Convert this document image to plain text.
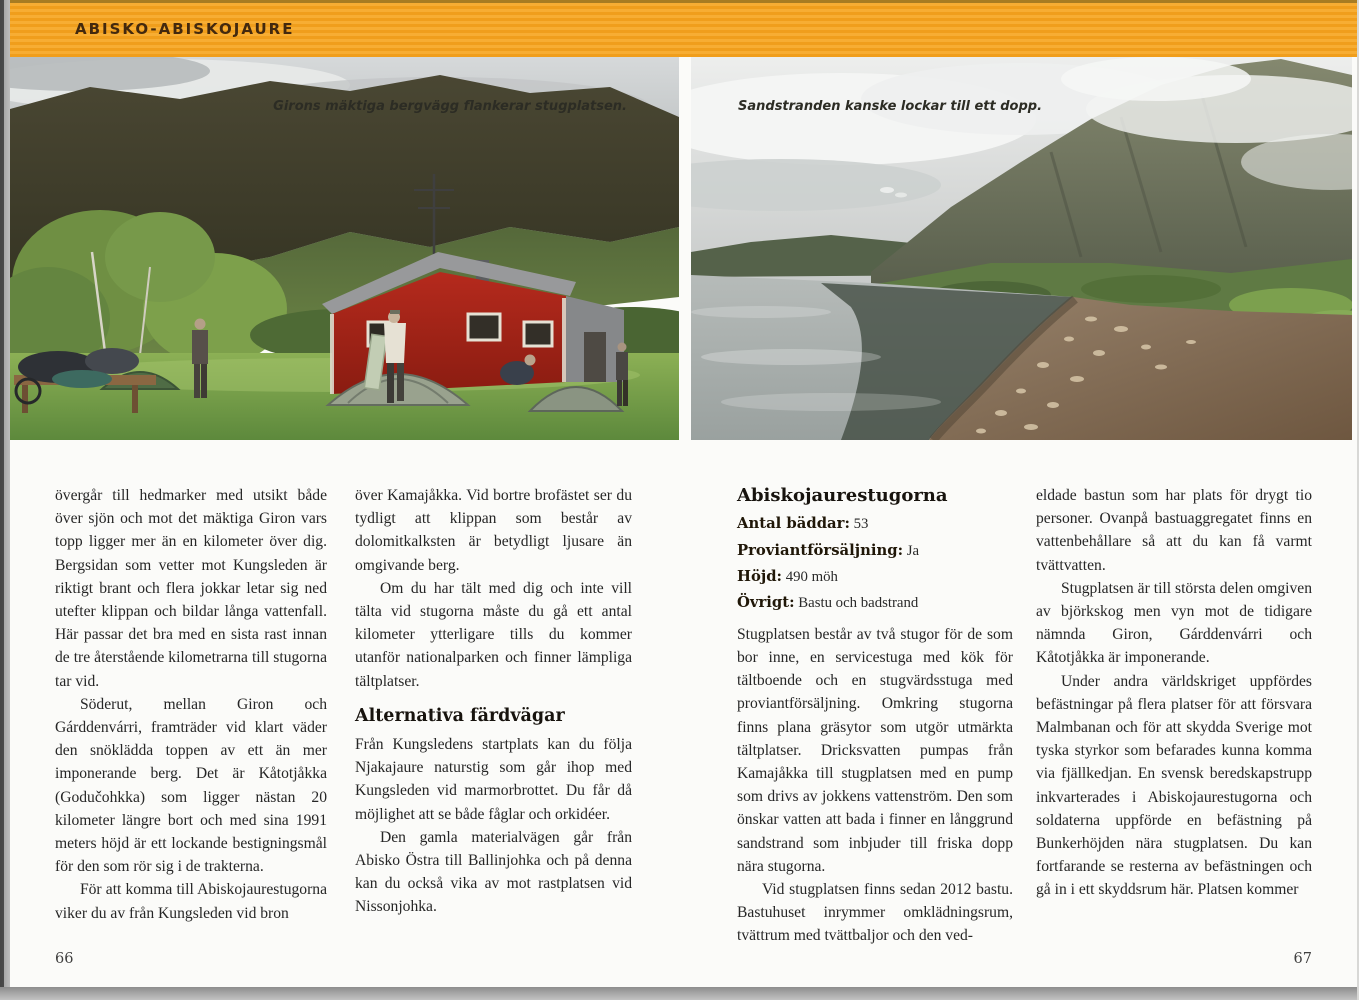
ABISKO-ABISKOJAURE
Girons mäktiga bergvägg flankerar stugplatsen.	Sandstranden kanske lockar till ett dopp.

övergår till hedmarker med utsikt både över sjön och mot det mäktiga Giron vars topp ligger mer än en kilometer över dig. Bergsidan som vetter mot Kungsleden är riktigt brant och flera jokkar letar sig ned utefter klippan och bildar långa vattenfall. Här passar det bra med en sista rast innan de tre återstående kilometrarna till stugorna tar vid.

Söderut, mellan Giron och Gárddenvárri, framträder vid klart väder den snöklädda toppen av ett än mer imponerande berg. Det är Kåtotjåkka (Godučohkka) som ligger nästan 20 kilometer längre bort och med sina 1991 meters höjd är ett lockande bestigningsmål för den som rör sig i de trakterna.

För att komma till Abiskojaurestugorna viker du av från Kungsleden vid bron

över Kamajåkka. Vid bortre brofästet ser du tydligt att klippan som består av dolomitkalksten är betydligt ljusare än omgivande berg.

Om du har tält med dig och inte vill tälta vid stugorna måste du gå ett antal kilometer ytterligare tills du kommer utanför nationalparken och finner lämpliga tältplatser.

Alternativa färdvägar

Från Kungsledens startplats kan du följa Njakajaure naturstig som går ihop med Kungsleden vid marmorbrottet. Du får då möjlighet att se både fåglar och orkidéer.

Den gamla materialvägen går från Abisko Östra till Ballinjohka och på denna kan du också vika av mot rastplatsen vid Nissonjohka.

Abiskojaurestugorna
Antal bäddar: 53
Proviantförsäljning: Ja
Höjd: 490 möh
Övrigt: Bastu och badstrand

Stugplatsen består av två stugor för de som bor inne, en servicestuga med kök för tältboende och en stugvärdsstuga med proviantförsäljning. Omkring stugorna finns plana gräsytor som utgör utmärkta tältplatser. Dricksvatten pumpas från Kamajåkka till stugplatsen med en pump som drivs av jokkens vattenström. Den som önskar vatten att bada i finner en långgrund sandstrand som inbjuder till friska dopp nära stugorna.

Vid stugplatsen finns sedan 2012 bastu. Bastuhuset inrymmer omklädningsrum, tvättrum med tvättbaljor och den ved-

eldade bastun som har plats för drygt tio personer. Ovanpå bastuaggregatet finns en vattenbehållare så att du kan få varmt tvättvatten.

Stugplatsen är till största delen omgiven av björkskog men vyn mot de tidigare nämnda Giron, Gárddenvárri och Kåtotjåkka är imponerande.

Under andra världskriget uppfördes befästningar på flera platser för att försvara Malmbanan och för att skydda Sverige mot tyska styrkor som befarades kunna komma via fjällkedjan. En svensk beredskapstrupp inkvarterades i Abiskojaurestugorna och soldaterna uppförde en befästning på Bunkerhöjden nära stugplatsen. Du kan fortfarande se resterna av befästningen och gå in i ett skyddsrum här. Platsen kommer

66	67
